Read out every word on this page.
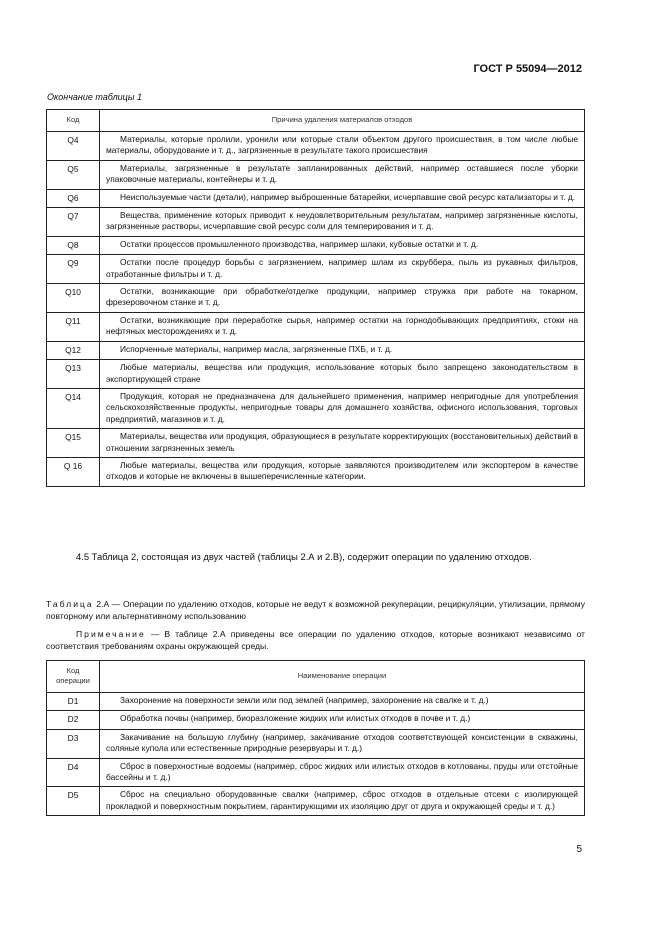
ГОСТ Р 55094—2012
Окончание таблицы 1
Код	Причина удаления материалов отходов
Q4	Материалы, которые пролили, уронили или которые стали объектом другого происшествия, в том числе любые материалы, оборудование и т. д., загрязненные в результате такого происшествия
Q5	Материалы, загрязненные в результате запланированных действий, например оставшиеся после уборки упаковочные материалы, контейнеры и т. д.
Q6	Неиспользуемые части (детали), например выброшенные батарейки, исчерпавшие свой ресурс катализаторы и т. д.
Q7	Вещества, применение которых приводит к неудовлетворительным результатам, например загрязненные кислоты, загрязненные растворы, исчерпавшие свой ресурс соли для темперирования и т. д.
Q8	Остатки процессов промышленного производства, например шлаки, кубовые остатки и т. д.
Q9	Остатки после процедур борьбы с загрязнением, например шлам из скруббера, пыль из рукавных фильтров, отработанные фильтры и т. д.
Q10	Остатки, возникающие при обработке/отделке продукции, например стружка при работе на токарном, фрезеровочном станке и т. д.
Q11	Остатки, возникающие при переработке сырья, например остатки на горнодобывающих предприятиях, стоки на нефтяных месторождениях и т. д.
Q12	Испорченные материалы, например масла, загрязненные ПХБ, и т. д.
Q13	Любые материалы, вещества или продукция, использование которых было запрещено законодательством в экспортирующей стране
Q14	Продукция, которая не предназначена для дальнейшего применения, например непригодные для употребления сельскохозяйственные продукты, непригодные товары для домашнего хозяйства, офисного использования, торговых предприятий, магазинов и т. д.
Q15	Материалы, вещества или продукция, образующиеся в результате корректирующих (восстановительных) действий в отношении загрязненных земель
Q 16	Любые материалы, вещества или продукция, которые заявляются производителем или экспортером в качестве отходов и которые не включены в вышеперечисленные категории.
4.5 Таблица 2, состоящая из двух частей (таблицы 2.А и 2.В), содержит операции по удалению отходов.
Таблица 2.А — Операции по удалению отходов, которые не ведут к возможной рекуперации, рециркуляции, утилизации, прямому повторному или альтернативному использованию
Примечание — В таблице 2.А приведены все операции по удалению отходов, которые возникают независимо от соответствия требованиям охраны окружающей среды.
Код
операции	Наименование операции
D1	Захоронение на поверхности земли или под землей (например, захоронение на свалке и т. д.)
D2	Обработка почвы (например, биоразложение жидких или илистых отходов в почве и т. д.)
D3	Закачивание на большую глубину (например, закачивание отходов соответствующей консистенции в скважины, соляные купола или естественные природные резервуары и т. д.)
D4	Сброс в поверхностные водоемы (например, сброс жидких или илистых отходов в котлованы, пруды или отстойные бассейны и т. д.)
D5	Сброс на специально оборудованные свалки (например, сброс отходов в отдельные отсеки с изолирующей прокладкой и поверхностным покрытием, гарантирующими их изоляцию друг от друга и окружающей среды и т. д.)
5
